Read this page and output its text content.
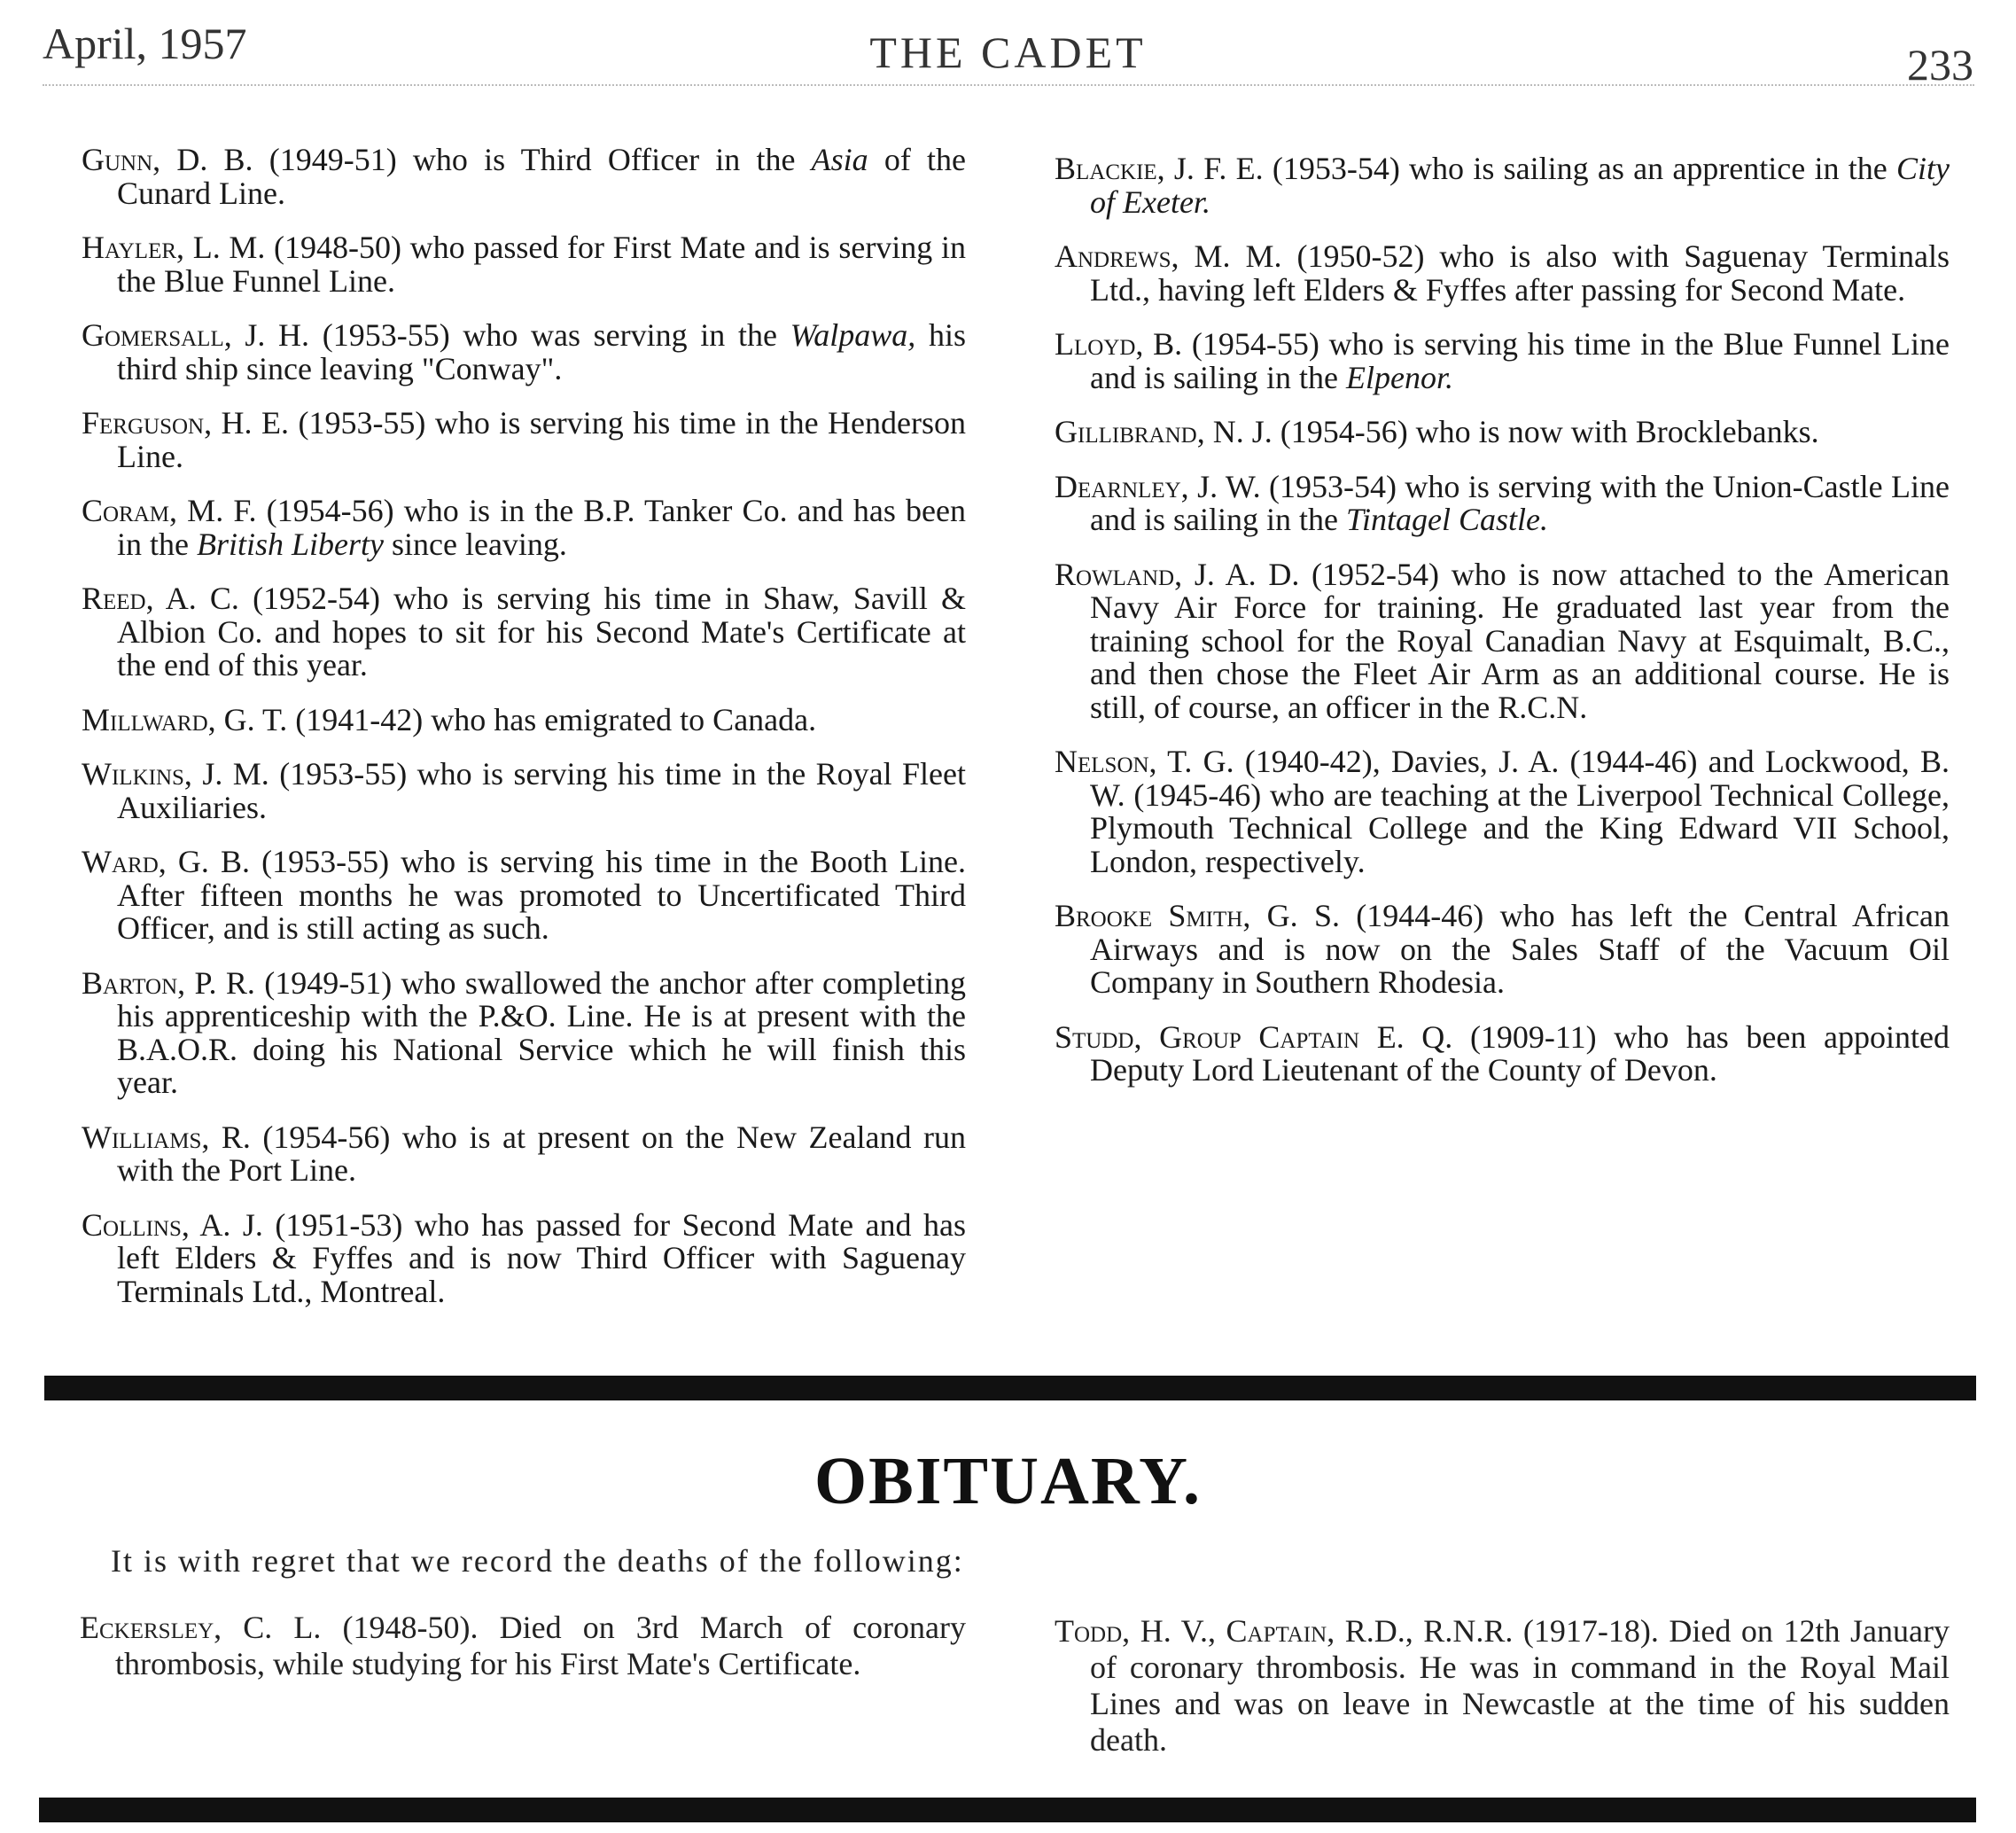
April, 1957	THE CADET	233

Gunn, D. B. (1949-51) who is Third Officer in the Asia of the Cunard Line.

Hayler, L. M. (1948-50) who passed for First Mate and is serving in the Blue Funnel Line.

Gomersall, J. H. (1953-55) who was serving in the Walpawa, his third ship since leaving "Conway".

Ferguson, H. E. (1953-55) who is serving his time in the Henderson Line.

Coram, M. F. (1954-56) who is in the B.P. Tanker Co. and has been in the British Liberty since leaving.

Reed, A. C. (1952-54) who is serving his time in Shaw, Savill & Albion Co. and hopes to sit for his Second Mate's Certificate at the end of this year.

Millward, G. T. (1941-42) who has emigrated to Canada.

Wilkins, J. M. (1953-55) who is serving his time in the Royal Fleet Auxiliaries.

Ward, G. B. (1953-55) who is serving his time in the Booth Line. After fifteen months he was promoted to Uncertificated Third Officer, and is still acting as such.

Barton, P. R. (1949-51) who swallowed the anchor after completing his apprenticeship with the P.&O. Line. He is at present with the B.A.O.R. doing his National Service which he will finish this year.

Williams, R. (1954-56) who is at present on the New Zealand run with the Port Line.

Collins, A. J. (1951-53) who has passed for Second Mate and has left Elders & Fyffes and is now Third Officer with Saguenay Terminals Ltd., Montreal.

Blackie, J. F. E. (1953-54) who is sailing as an apprentice in the City of Exeter.

Andrews, M. M. (1950-52) who is also with Saguenay Terminals Ltd., having left Elders & Fyffes after passing for Second Mate.

Lloyd, B. (1954-55) who is serving his time in the Blue Funnel Line and is sailing in the Elpenor.

Gillibrand, N. J. (1954-56) who is now with Brocklebanks.

Dearnley, J. W. (1953-54) who is serving with the Union-Castle Line and is sailing in the Tintagel Castle.

Rowland, J. A. D. (1952-54) who is now attached to the American Navy Air Force for training. He graduated last year from the training school for the Royal Canadian Navy at Esquimalt, B.C., and then chose the Fleet Air Arm as an additional course. He is still, of course, an officer in the R.C.N.

Nelson, T. G. (1940-42), Davies, J. A. (1944-46) and Lockwood, B. W. (1945-46) who are teaching at the Liverpool Technical College, Plymouth Technical College and the King Edward VII School, London, respectively.

Brooke Smith, G. S. (1944-46) who has left the Central African Airways and is now on the Sales Staff of the Vacuum Oil Company in Southern Rhodesia.

Studd, Group Captain E. Q. (1909-11) who has been appointed Deputy Lord Lieutenant of the County of Devon.

OBITUARY.
It is with regret that we record the deaths of the following:

Eckersley, C. L. (1948-50). Died on 3rd March of coronary thrombosis, while studying for his First Mate's Certificate.

Todd, H. V., Captain, R.D., R.N.R. (1917-18). Died on 12th January of coronary thrombosis. He was in command in the Royal Mail Lines and was on leave in Newcastle at the time of his sudden death.
